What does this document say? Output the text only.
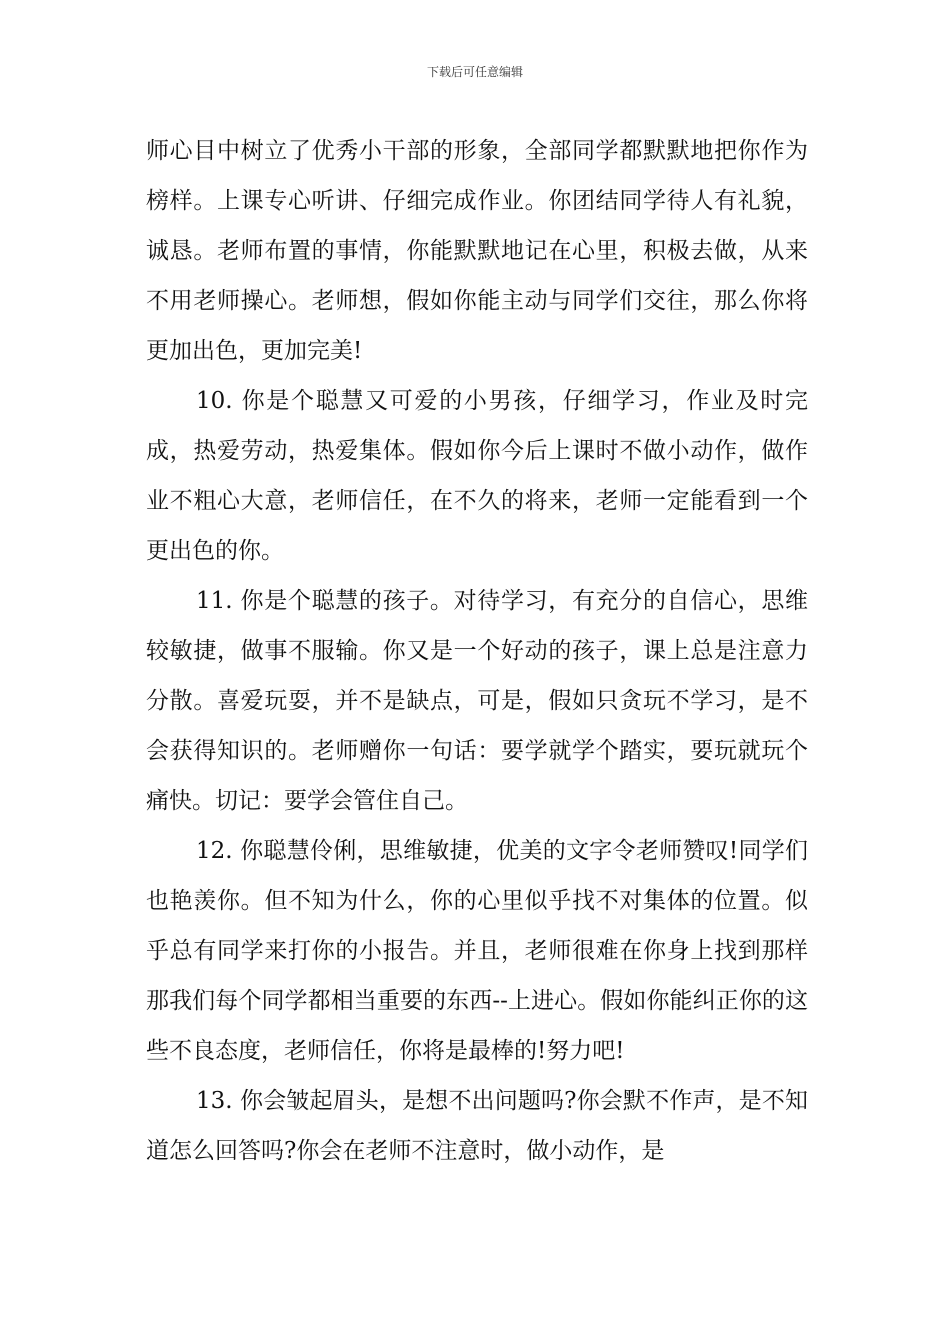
下载后可任意编辑

师心目中树立了优秀小干部的形象，全部同学都默默地把你作为榜样。上课专心听讲、仔细完成作业。你团结同学待人有礼貌，诚恳。老师布置的事情，你能默默地记在心里，积极去做，从来不用老师操心。老师想，假如你能主动与同学们交往，那么你将更加出色，更加完美!

10. 你是个聪慧又可爱的小男孩，仔细学习，作业及时完成，热爱劳动，热爱集体。假如你今后上课时不做小动作，做作业不粗心大意，老师信任，在不久的将来，老师一定能看到一个更出色的你。

11. 你是个聪慧的孩子。对待学习，有充分的自信心，思维较敏捷，做事不服输。你又是一个好动的孩子，课上总是注意力分散。喜爱玩耍，并不是缺点，可是，假如只贪玩不学习，是不会获得知识的。老师赠你一句话：要学就学个踏实，要玩就玩个痛快。切记：要学会管住自己。

12. 你聪慧伶俐，思维敏捷，优美的文字令老师赞叹!同学们也艳羡你。但不知为什么，你的心里似乎找不对集体的位置。似乎总有同学来打你的小报告。并且，老师很难在你身上找到那样那我们每个同学都相当重要的东西--上进心。假如你能纠正你的这些不良态度，老师信任，你将是最棒的!努力吧!

13. 你会皱起眉头，是想不出问题吗?你会默不作声，是不知道怎么回答吗?你会在老师不注意时，做小动作，是
